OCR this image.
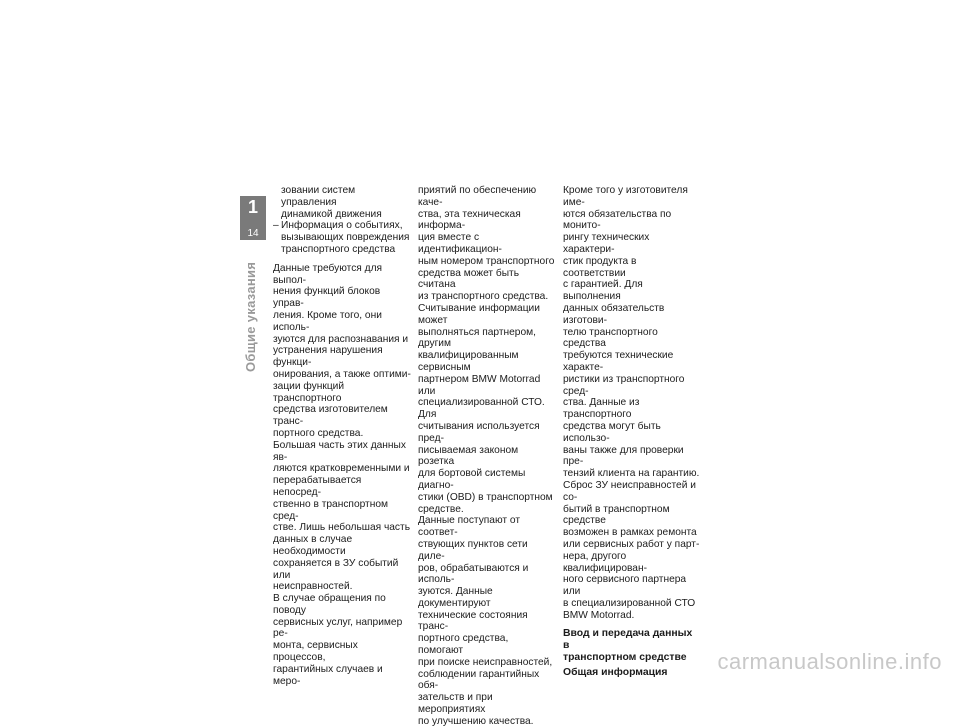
1
14
Общие указания

зовании систем управления

динамикой движения

– Информация о событиях,

вызывающих повреждения

транспортного средства

Данные требуются для выпол-

нения функций блоков управ-

ления. Кроме того, они исполь-

зуются для распознавания и

устранения нарушения функци-

онирования, а также оптими-

зации функций транспортного

средства изготовителем транс-

портного средства.

Большая часть этих данных яв-

ляются кратковременными и

перерабатывается непосред-

ственно в транспортном сред-

стве. Лишь небольшая часть

данных в случае необходимости

сохраняется в ЗУ событий или

неисправностей.

В случае обращения по поводу

сервисных услуг, например ре-

монта, сервисных процессов,

гарантийных случаев и меро-

приятий по обеспечению каче-

ства, эта техническая информа-

ция вместе с идентификацион-

ным номером транспортного

средства может быть считана

из транспортного средства.

Считывание информации может

выполняться партнером, другим

квалифицированным сервисным

партнером BMW Motorrad или

специализированной СТО. Для

считывания используется пред-

писываемая законом розетка

для бортовой системы диагно-

стики (OBD) в транспортном

средстве.

Данные поступают от соответ-

ствующих пунктов сети диле-

ров, обрабатываются и исполь-

зуются. Данные документируют

технические состояния транс-

портного средства, помогают

при поиске неисправностей,

соблюдении гарантийных обя-

зательств и при мероприятиях

по улучшению качества.

Кроме того у изготовителя име-

ются обязательства по монито-

рингу технических характери-

стик продукта в соответствии

с гарантией. Для выполнения

данных обязательств изготови-

телю транспортного средства

требуются технические характе-

ристики из транспортного сред-

ства. Данные из транспортного

средства могут быть использо-

ваны также для проверки пре-

тензий клиента на гарантию.

Сброс ЗУ неисправностей и со-

бытий в транспортном средстве

возможен в рамках ремонта

или сервисных работ у парт-

нера, другого квалифицирован-

ного сервисного партнера или

в специализированной СТО

BMW Motorrad.

Ввод и передача данных в
транспортном средстве
Общая информация	carmanualsonline.info
